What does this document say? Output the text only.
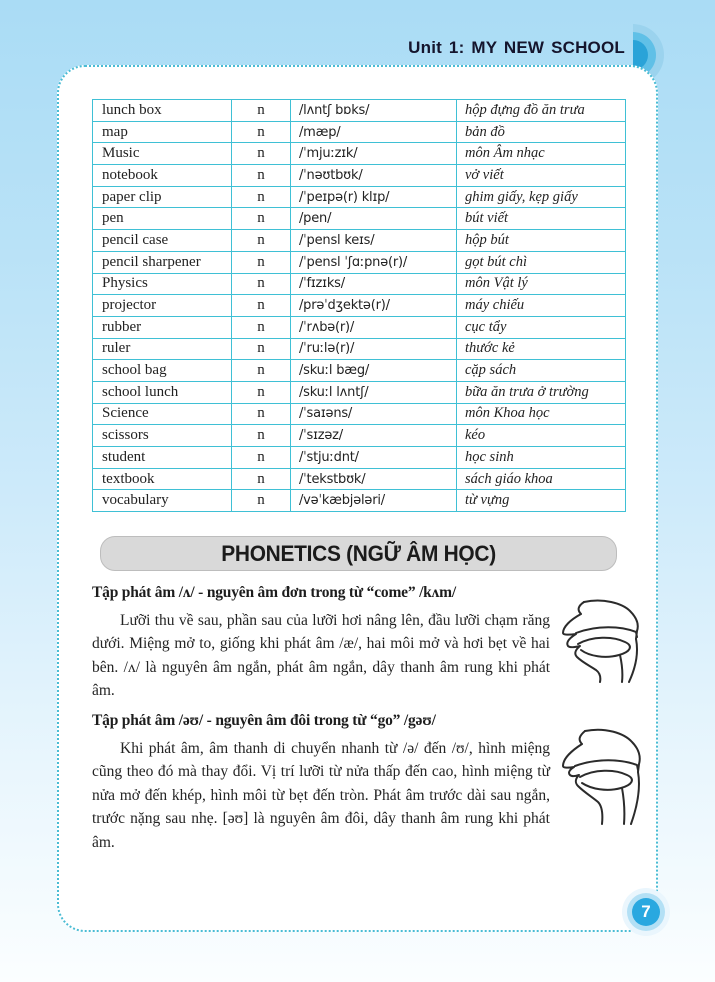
Unit 1: MY NEW SCHOOL
lunch box	n	/lʌntʃ bɒks/	hộp đựng đồ ăn trưa
map	n	/mæp/	bản đồ
Music	n	/ˈmjuːzɪk/	môn Âm nhạc
notebook	n	/ˈnəʊtbʊk/	vở viết
paper clip	n	/ˈpeɪpə(r) klɪp/	ghim giấy, kẹp giấy
pen	n	/pen/	bút viết
pencil case	n	/ˈpensl keɪs/	hộp bút
pencil sharpener	n	/ˈpensl ˈʃɑːpnə(r)/	gọt bút chì
Physics	n	/ˈfɪzɪks/	môn Vật lý
projector	n	/prəˈdʒektə(r)/	máy chiếu
rubber	n	/ˈrʌbə(r)/	cục tẩy
ruler	n	/ˈruːlə(r)/	thước kẻ
school bag	n	/skuːl bæg/	cặp sách
school lunch	n	/skuːl lʌntʃ/	bữa ăn trưa ở trường
Science	n	/ˈsaɪəns/	môn Khoa học
scissors	n	/ˈsɪzəz/	kéo
student	n	/ˈstjuːdnt/	học sinh
textbook	n	/ˈtekstbʊk/	sách giáo khoa
vocabulary	n	/vəˈkæbjələri/	từ vựng
PHONETICS (NGỮ ÂM HỌC)
Tập phát âm /ʌ/ - nguyên âm đơn trong từ “come” /kʌm/
Lưỡi thu về sau, phần sau của lưỡi hơi nâng lên, đầu lưỡi chạm răng dưới. Miệng mở to, giống khi phát âm /æ/, hai môi mở và hơi bẹt về hai bên. /ʌ/ là nguyên âm ngắn, phát âm ngắn, dây thanh âm rung khi phát âm.
Tập phát âm /əʊ/ - nguyên âm đôi trong từ “go” /gəʊ/
Khi phát âm, âm thanh di chuyển nhanh từ /ə/ đến /ʊ/, hình miệng cũng theo đó mà thay đổi. Vị trí lưỡi từ nửa thấp đến cao, hình miệng từ nửa mở đến khép, hình môi từ bẹt đến tròn. Phát âm trước dài sau ngắn, trước nặng sau nhẹ. [əʊ] là nguyên âm đôi, dây thanh âm rung khi phát âm.
7
